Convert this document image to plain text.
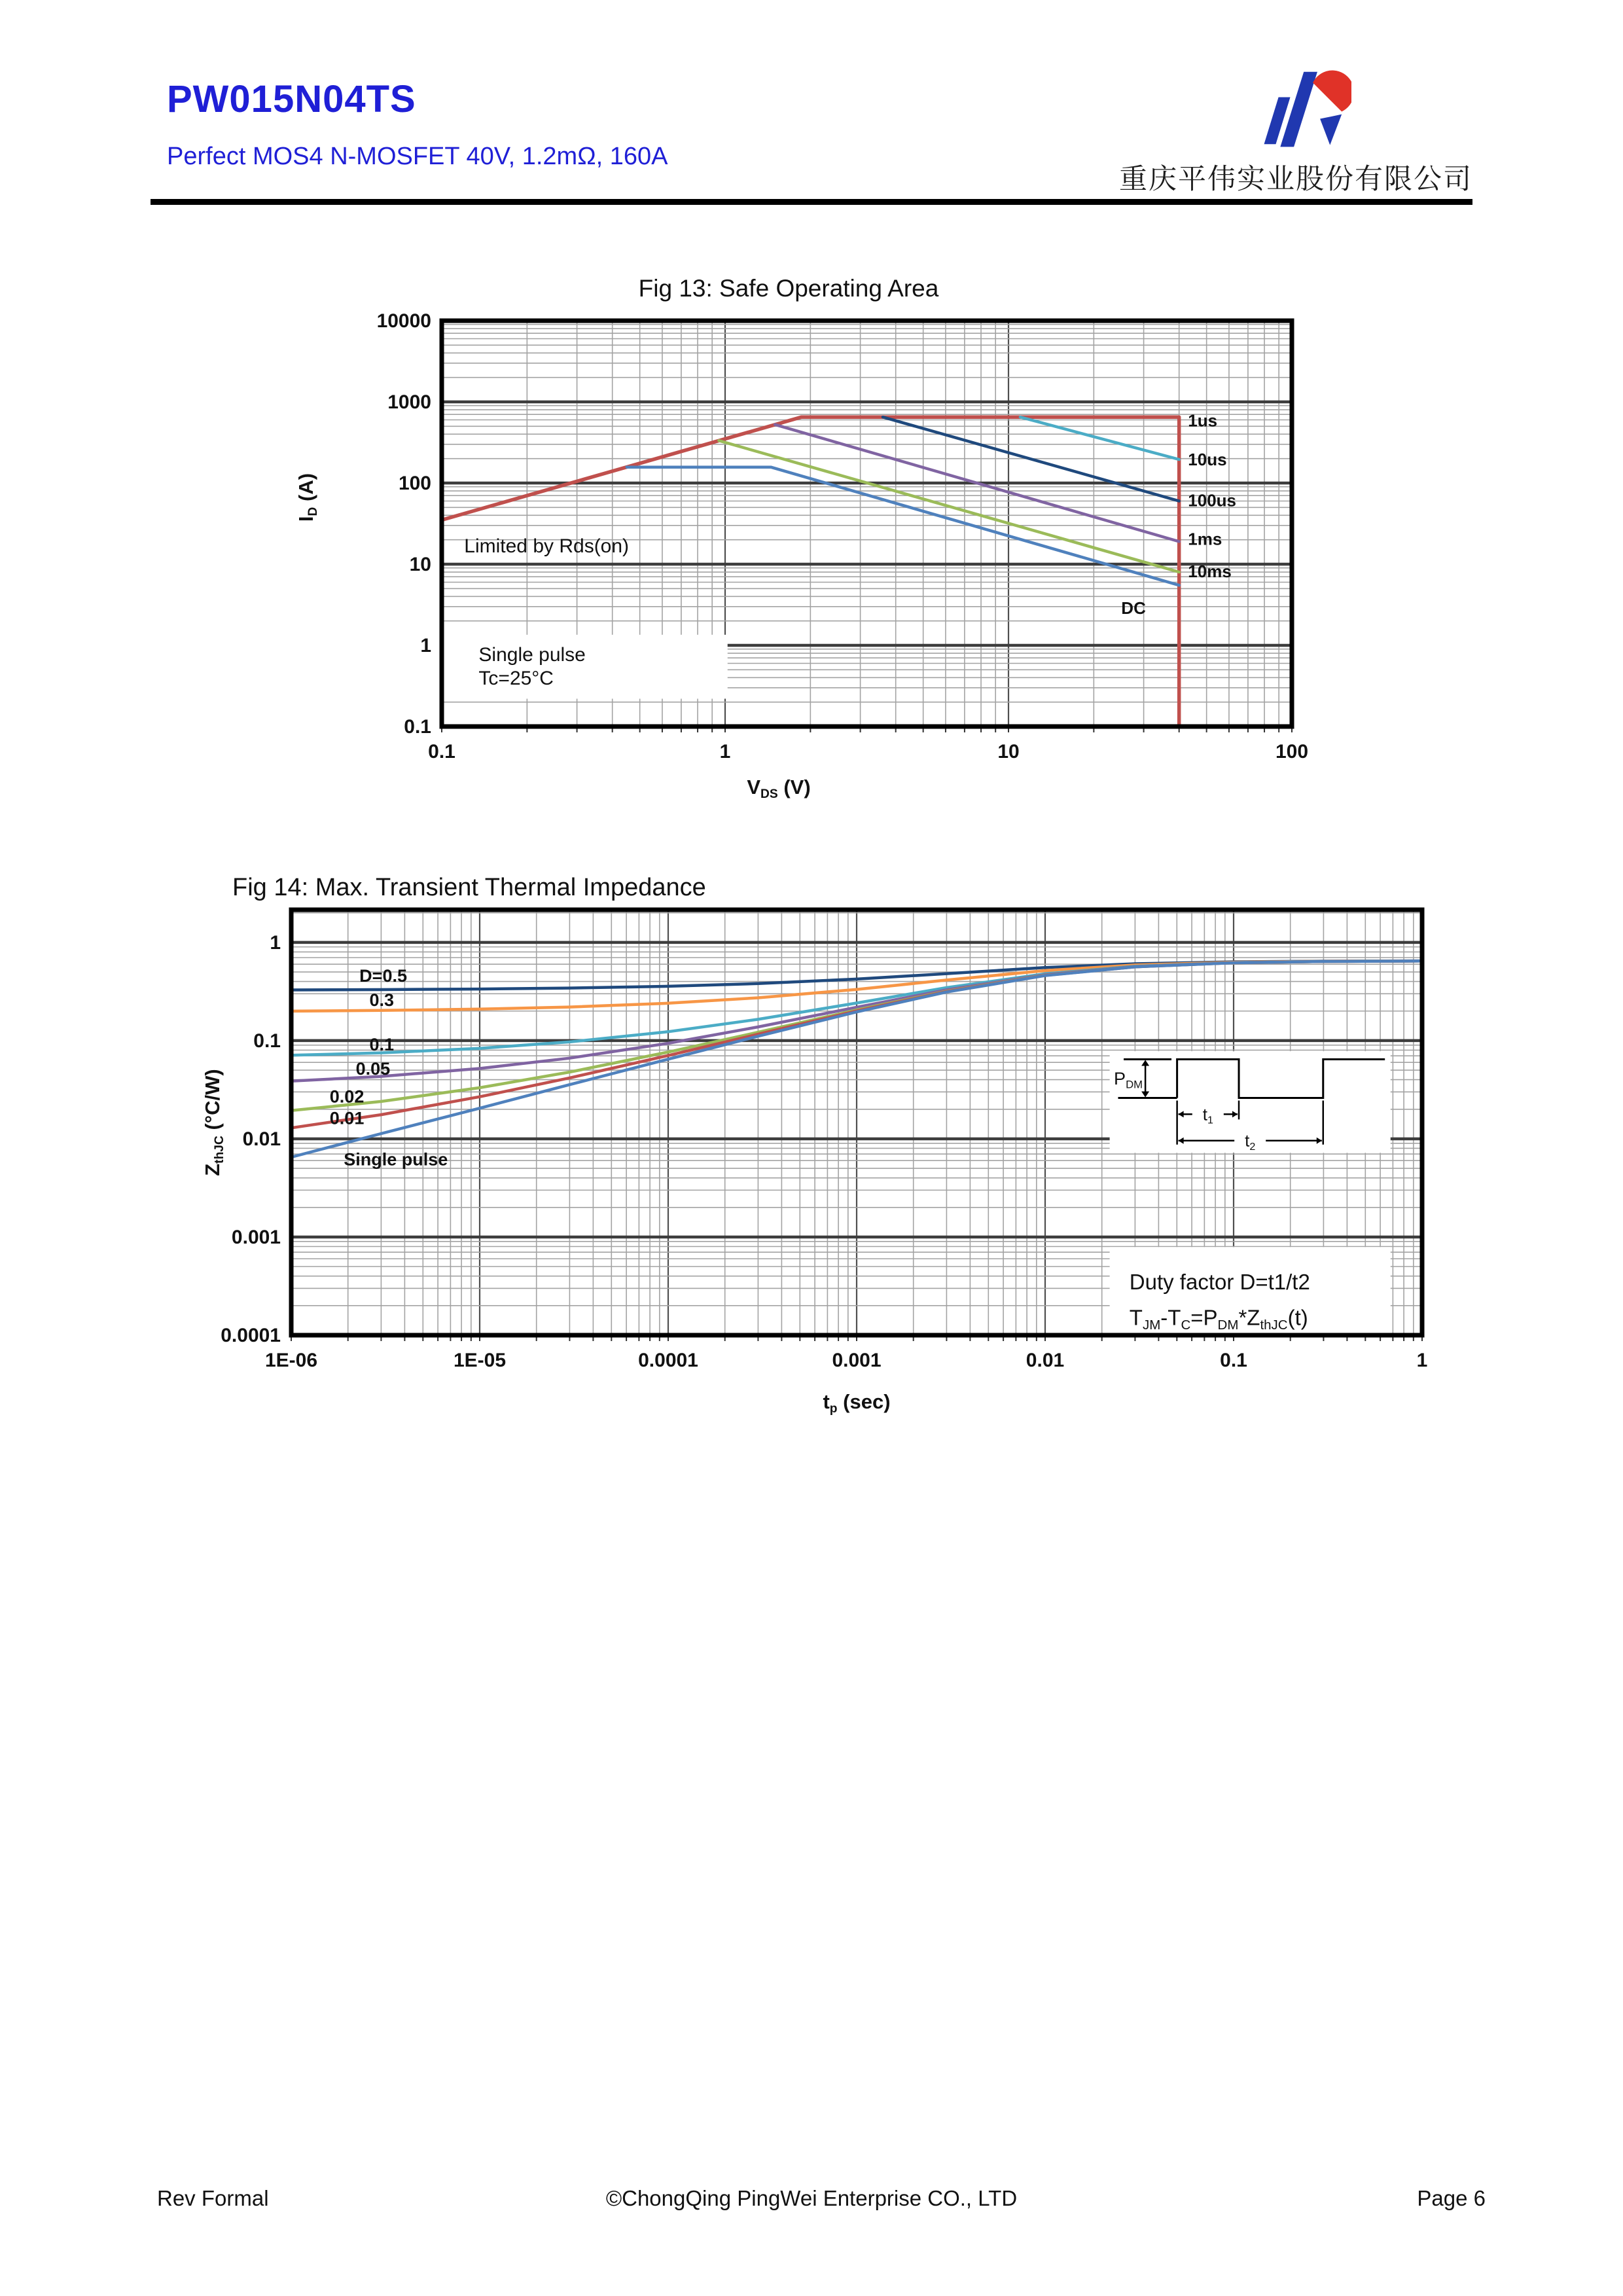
PW015N04TS
Perfect MOS4 N-MOSFET 40V, 1.2mΩ, 160A
重庆平伟实业股份有限公司
10000
1000
100
10
1
0.1
0.1	1	10	100
Fig 13: Safe Operating Area
$V_{DS}$ (V)
$I_D$ (A)
1us
10us
100us
1ms
10ms
DC
Limited by Rds(on)
Single pulse
Tc=25°C
$P_{DM}$
$t_1$
$t_2$
1
0.1
0.01
0.001
0.0001
1E-06	1E-05	0.0001	0.001	0.01	0.1	1
Fig 14: Max. Transient Thermal Impedance
$t_p$ (sec)
$Z_{thJC}$ (°C/W)
D=0.5
0.3
0.1
0.05
0.02
0.01
Single pulse
Duty factor D=t1/t2
TJM-TC=PDM*ZthJC(t)
Rev Formal	©ChongQing PingWei Enterprise CO., LTD	Page 6
